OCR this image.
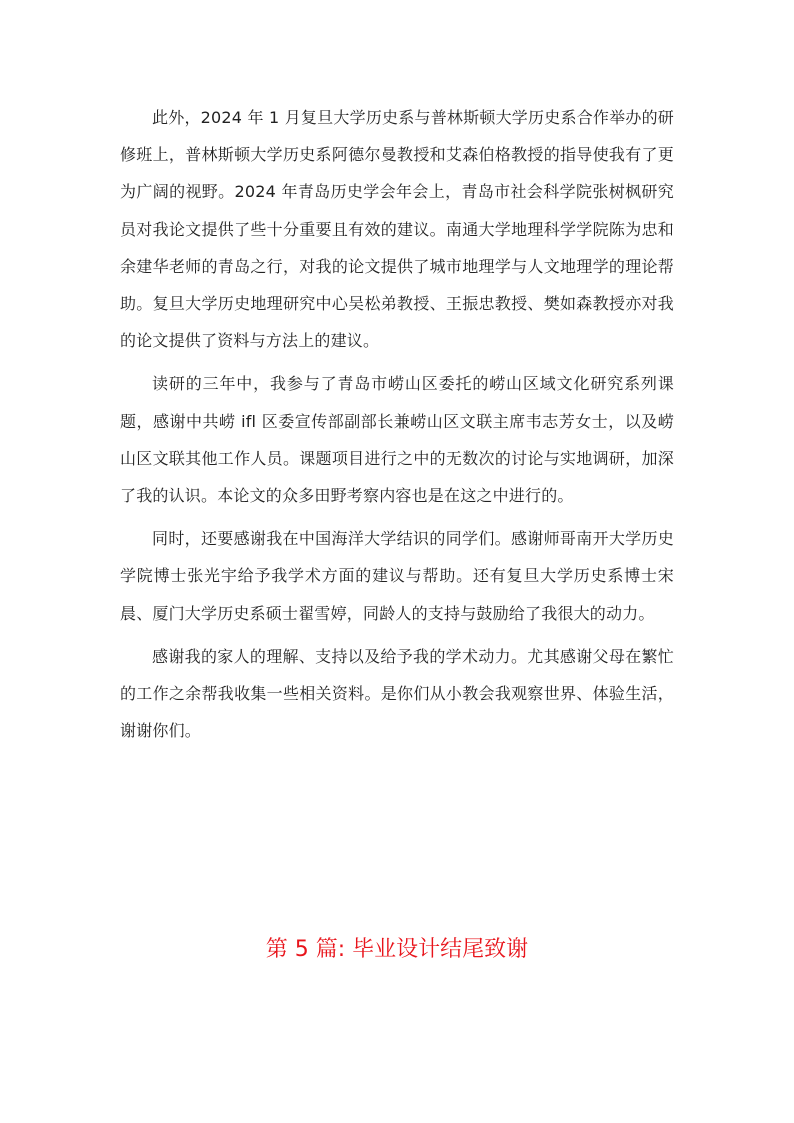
此外，2024 年 1 月复旦大学历史系与普林斯顿大学历史系合作举办的研修班上，普林斯顿大学历史系阿德尔曼教授和艾森伯格教授的指导使我有了更为广阔的视野。2024 年青岛历史学会年会上，青岛市社会科学院张树枫研究员对我论文提供了些十分重要且有效的建议。南通大学地理科学学院陈为忠和余建华老师的青岛之行，对我的论文提供了城市地理学与人文地理学的理论帮助。复旦大学历史地理研究中心吴松弟教授、王振忠教授、樊如森教授亦对我的论文提供了资料与方法上的建议。

读研的三年中，我参与了青岛市崂山区委托的崂山区域文化研究系列课题，感谢中共崂 ifl 区委宣传部副部长兼崂山区文联主席韦志芳女士，以及崂山区文联其他工作人员。课题项目进行之中的无数次的讨论与实地调研，加深了我的认识。本论文的众多田野考察内容也是在这之中进行的。

同时，还要感谢我在中国海洋大学结识的同学们。感谢师哥南开大学历史学院博士张光宇给予我学术方面的建议与帮助。还有复旦大学历史系博士宋晨、厦门大学历史系硕士翟雪婷，同龄人的支持与鼓励给了我很大的动力。

感谢我的家人的理解、支持以及给予我的学术动力。尤其感谢父母在繁忙的工作之余帮我收集一些相关资料。是你们从小教会我观察世界、体验生活，谢谢你们。

第 5 篇: 毕业设计结尾致谢
